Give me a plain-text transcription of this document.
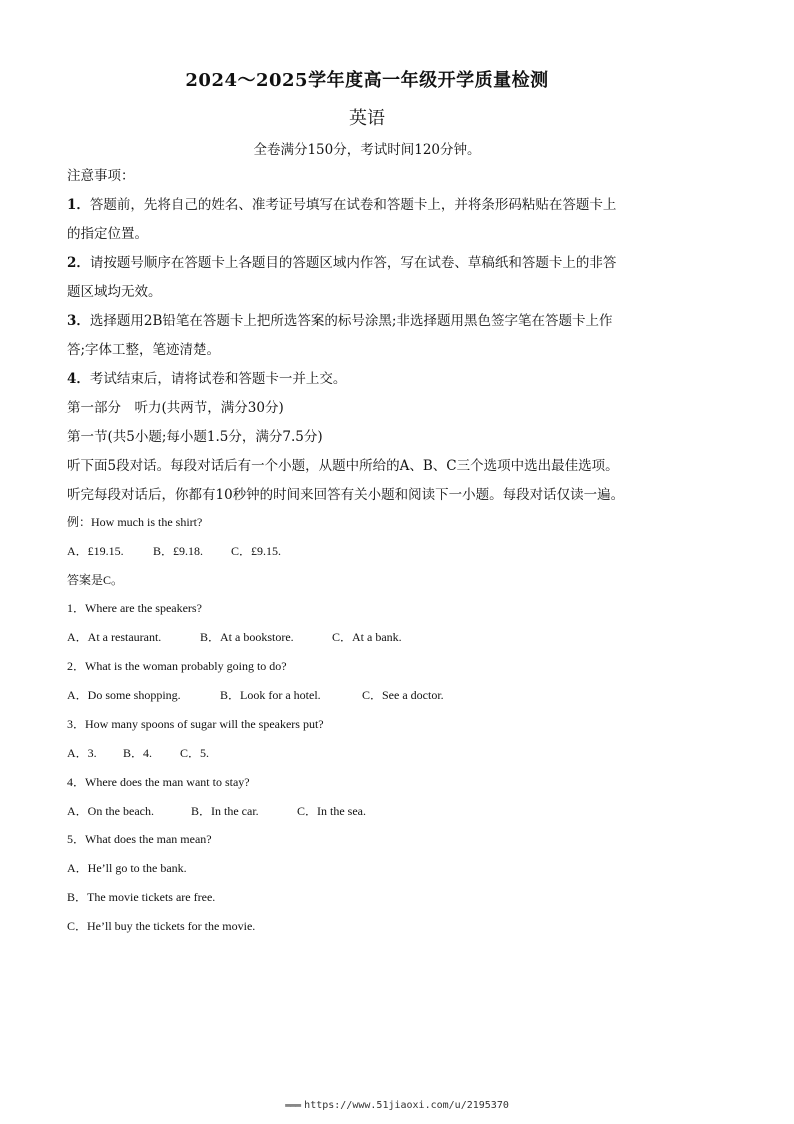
2024～2025学年度高一年级开学质量检测
英语
全卷满分150分，考试时间120分钟。
注意事项：
1．答题前，先将自己的姓名、准考证号填写在试卷和答题卡上，并将条形码粘贴在答题卡上
的指定位置。
2．请按题号顺序在答题卡上各题目的答题区域内作答，写在试卷、草稿纸和答题卡上的非答
题区域均无效。
3．选择题用2B铅笔在答题卡上把所选答案的标号涂黑;非选择题用黑色签字笔在答题卡上作
答;字体工整，笔迹清楚。
4．考试结束后，请将试卷和答题卡一并上交。
第一部分　听力(共两节，满分30分)
第一节(共5小题;每小题1.5分，满分7.5分)
听下面5段对话。每段对话后有一个小题，从题中所给的A、B、C三个选项中选出最佳选项。
听完每段对话后，你都有10秒钟的时间来回答有关小题和阅读下一小题。每段对话仅读一遍。
例：How much is the shirt?
A．£19.15. B．£9.18. C．£9.15.
答案是C。
1．Where are the speakers?
A．At a restaurant.	B．At a bookstore.	C．At a bank.
2．What is the woman probably going to do?
A．Do some shopping.	B．Look for a hotel.	C．See a doctor.
3．How many spoons of sugar will the speakers put?
A．3. B．4. C．5.
4．Where does the man want to stay?
A．On the beach.	B．In the car.	C．In the sea.
5．What does the man mean?
A．He’ll go to the bank.
B．The movie tickets are free.
C．He’ll buy the tickets for the movie.
▬▬▬ https://www.51jiaoxi.com/u/2195370
